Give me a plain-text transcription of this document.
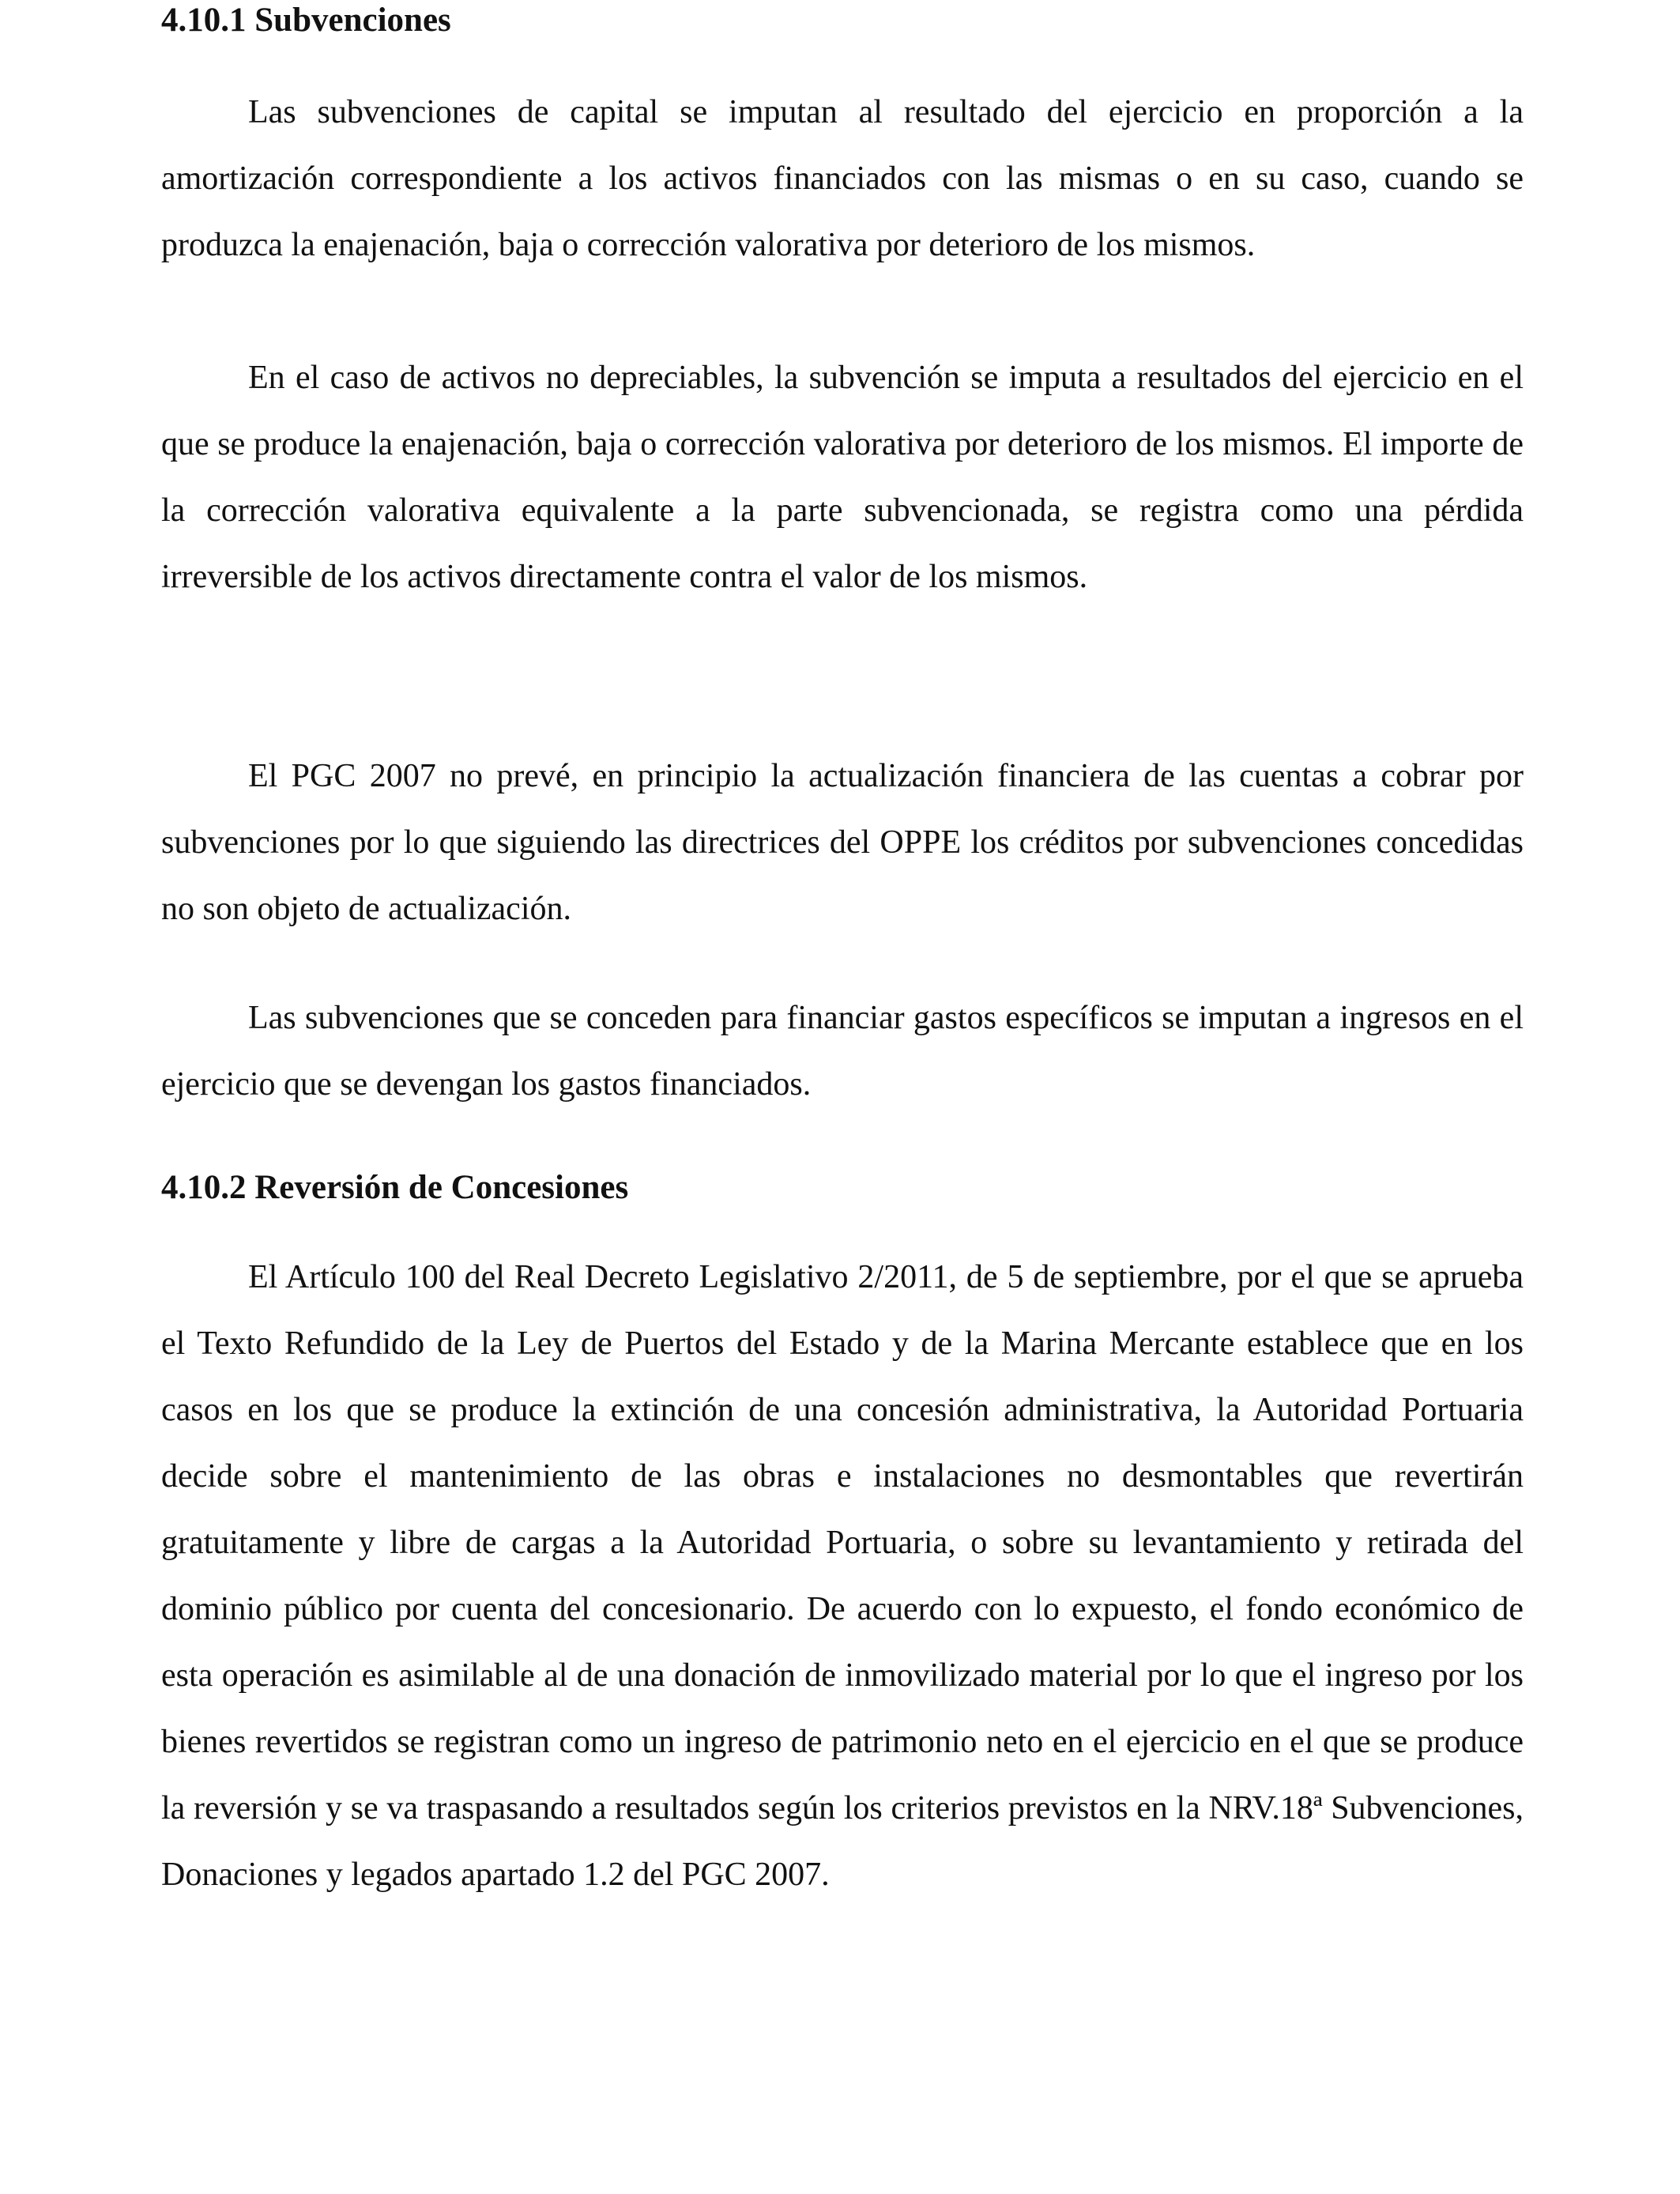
4.10.1 Subvenciones

Las subvenciones de capital se imputan al resultado del ejercicio en proporción a la amortización correspondiente a los activos financiados con las mismas o en su caso, cuando se produzca la enajenación, baja o corrección valorativa por deterioro de los mismos.

En el caso de activos no depreciables, la subvención se imputa a resultados del ejercicio en el que se produce la enajenación, baja o corrección valorativa por deterioro de los mismos. El importe de la corrección valorativa equivalente a la parte subvencionada, se registra como una pérdida irreversible de los activos directamente contra el valor de los mismos.

El PGC 2007 no prevé, en principio la actualización financiera de las cuentas a cobrar por subvenciones por lo que siguiendo las directrices del OPPE los créditos por subvenciones concedidas no son objeto de actualización.

Las subvenciones que se conceden para financiar gastos específicos se imputan a ingresos en el ejercicio que se devengan los gastos financiados.

4.10.2 Reversión de Concesiones

El Artículo 100 del Real Decreto Legislativo 2/2011, de 5 de septiembre, por el que se aprueba el Texto Refundido de la Ley de Puertos del Estado y de la Marina Mercante establece que en los casos en los que se produce la extinción de una concesión administrativa, la Autoridad Portuaria decide sobre el mantenimiento de las obras e instalaciones no desmontables que revertirán gratuitamente y libre de cargas a la Autoridad Portuaria, o sobre su levantamiento y retirada del dominio público por cuenta del concesionario. De acuerdo con lo expuesto, el fondo económico de esta operación es asimilable al de una donación de inmovilizado material por lo que el ingreso por los bienes revertidos se registran como un ingreso de patrimonio neto en el ejercicio en el que se produce la reversión y se va traspasando a resultados según los criterios previstos en la NRV.18ª Subvenciones, Donaciones y legados apartado 1.2 del PGC 2007.
